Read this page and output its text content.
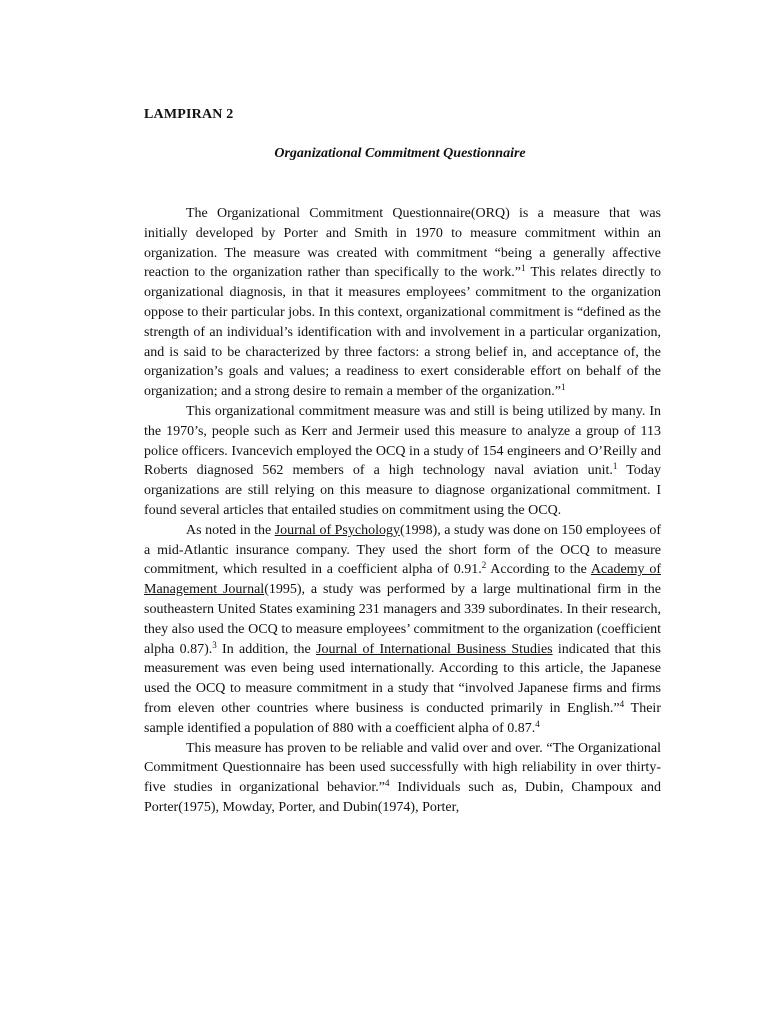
LAMPIRAN 2
Organizational Commitment Questionnaire

The Organizational Commitment Questionnaire(ORQ) is a measure that was initially developed by Porter and Smith in 1970 to measure commitment within an organization. The measure was created with commitment “being a generally affective reaction to the organization rather than specifically to the work.”$^1$ This relates directly to organizational diagnosis, in that it measures employees’ commitment to the organization oppose to their particular jobs. In this context, organizational commitment is “defined as the strength of an individual’s identification with and involvement in a particular organization, and is said to be characterized by three factors: a strong belief in, and acceptance of, the organization’s goals and values; a readiness to exert considerable effort on behalf of the organization; and a strong desire to remain a member of the organization.”$^1$

This organizational commitment measure was and still is being utilized by many. In the 1970’s, people such as Kerr and Jermeir used this measure to analyze a group of 113 police officers. Ivancevich employed the OCQ in a study of 154 engineers and O’Reilly and Roberts diagnosed 562 members of a high technology naval aviation unit.$^1$ Today organizations are still relying on this measure to diagnose organizational commitment. I found several articles that entailed studies on commitment using the OCQ.

As noted in the Journal of Psychology(1998), a study was done on 150 employees of a mid-Atlantic insurance company. They used the short form of the OCQ to measure commitment, which resulted in a coefficient alpha of 0.91.$^2$ According to the Academy of Management Journal(1995), a study was performed by a large multinational firm in the southeastern United States examining 231 managers and 339 subordinates. In their research, they also used the OCQ to measure employees’ commitment to the organization (coefficient alpha 0.87).$^3$ In addition, the Journal of International Business Studies indicated that this measurement was even being used internationally. According to this article, the Japanese used the OCQ to measure commitment in a study that “involved Japanese firms and firms from eleven other countries where business is conducted primarily in English.”$^4$ Their sample identified a population of 880 with a coefficient alpha of 0.87.$^4$

This measure has proven to be reliable and valid over and over. “The Organizational Commitment Questionnaire has been used successfully with high reliability in over thirty-five studies in organizational behavior.”$^4$ Individuals such as, Dubin, Champoux and Porter(1975), Mowday, Porter, and Dubin(1974), Porter,
